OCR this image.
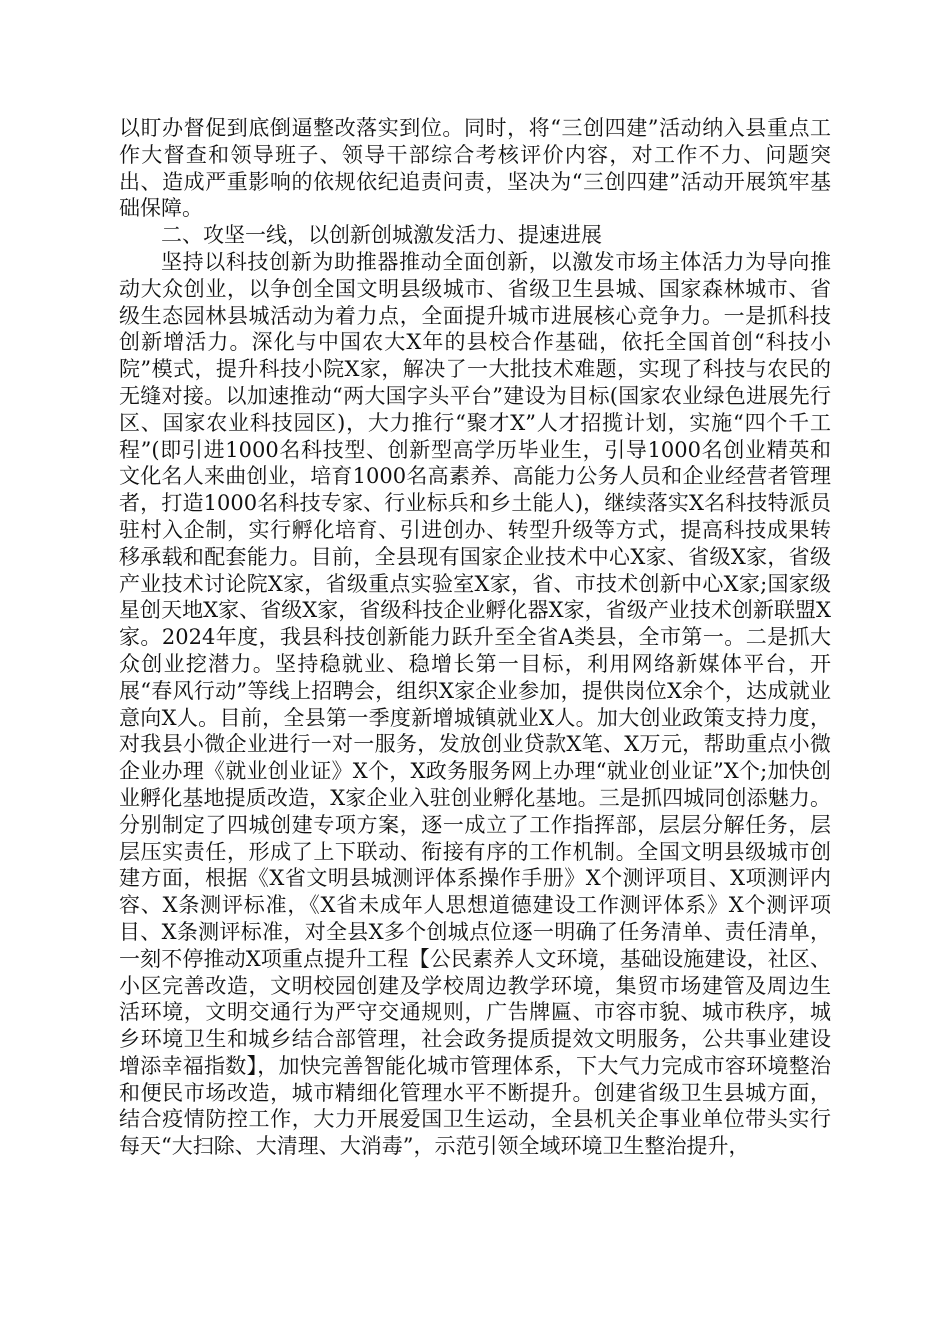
以盯办督促到底倒逼整改落实到位。同时，将“三创四建”活动纳入县重点工作大督查和领导班子、领导干部综合考核评价内容，对工作不力、问题突出、造成严重影响的依规依纪追责问责，坚决为“三创四建”活动开展筑牢基础保障。

二、攻坚一线，以创新创城激发活力、提速进展

坚持以科技创新为助推器推动全面创新，以激发市场主体活力为导向推动大众创业，以争创全国文明县级城市、省级卫生县城、国家森林城市、省级生态园林县城活动为着力点，全面提升城市进展核心竞争力。一是抓科技创新增活力。深化与中国农大X年的县校合作基础，依托全国首创“科技小院”模式，提升科技小院X家，解决了一大批技术难题，实现了科技与农民的无缝对接。以加速推动“两大国字头平台”建设为目标(国家农业绿色进展先行区、国家农业科技园区)，大力推行“聚才X”人才招揽计划，实施“四个千工程”(即引进1000名科技型、创新型高学历毕业生，引导1000名创业精英和文化名人来曲创业，培育1000名高素养、高能力公务人员和企业经营者管理者，打造1000名科技专家、行业标兵和乡土能人)，继续落实X名科技特派员驻村入企制，实行孵化培育、引进创办、转型升级等方式，提高科技成果转移承载和配套能力。目前，全县现有国家企业技术中心X家、省级X家，省级产业技术讨论院X家，省级重点实验室X家，省、市技术创新中心X家;国家级星创天地X家、省级X家，省级科技企业孵化器X家，省级产业技术创新联盟X家。2024年度，我县科技创新能力跃升至全省A类县，全市第一。二是抓大众创业挖潜力。坚持稳就业、稳增长第一目标，利用网络新媒体平台，开展“春风行动”等线上招聘会，组织X家企业参加，提供岗位X余个，达成就业意向X人。目前，全县第一季度新增城镇就业X人。加大创业政策支持力度，对我县小微企业进行一对一服务，发放创业贷款X笔、X万元，帮助重点小微企业办理《就业创业证》X个，X政务服务网上办理“就业创业证”X个;加快创业孵化基地提质改造，X家企业入驻创业孵化基地。三是抓四城同创添魅力。分别制定了四城创建专项方案，逐一成立了工作指挥部，层层分解任务，层层压实责任，形成了上下联动、衔接有序的工作机制。全国文明县级城市创建方面，根据《X省文明县城测评体系操作手册》X个测评项目、X项测评内容、X条测评标准，《X省未成年人思想道德建设工作测评体系》X个测评项目、X条测评标准，对全县X多个创城点位逐一明确了任务清单、责任清单，一刻不停推动X项重点提升工程【公民素养人文环境，基础设施建设，社区、小区完善改造，文明校园创建及学校周边教学环境，集贸市场建管及周边生活环境，文明交通行为严守交通规则，广告牌匾、市容市貌、城市秩序，城乡环境卫生和城乡结合部管理，社会政务提质提效文明服务，公共事业建设增添幸福指数】，加快完善智能化城市管理体系，下大气力完成市容环境整治和便民市场改造，城市精细化管理水平不断提升。创建省级卫生县城方面，结合疫情防控工作，大力开展爱国卫生运动，全县机关企事业单位带头实行每天“大扫除、大清理、大消毒”，示范引领全域环境卫生整治提升，
